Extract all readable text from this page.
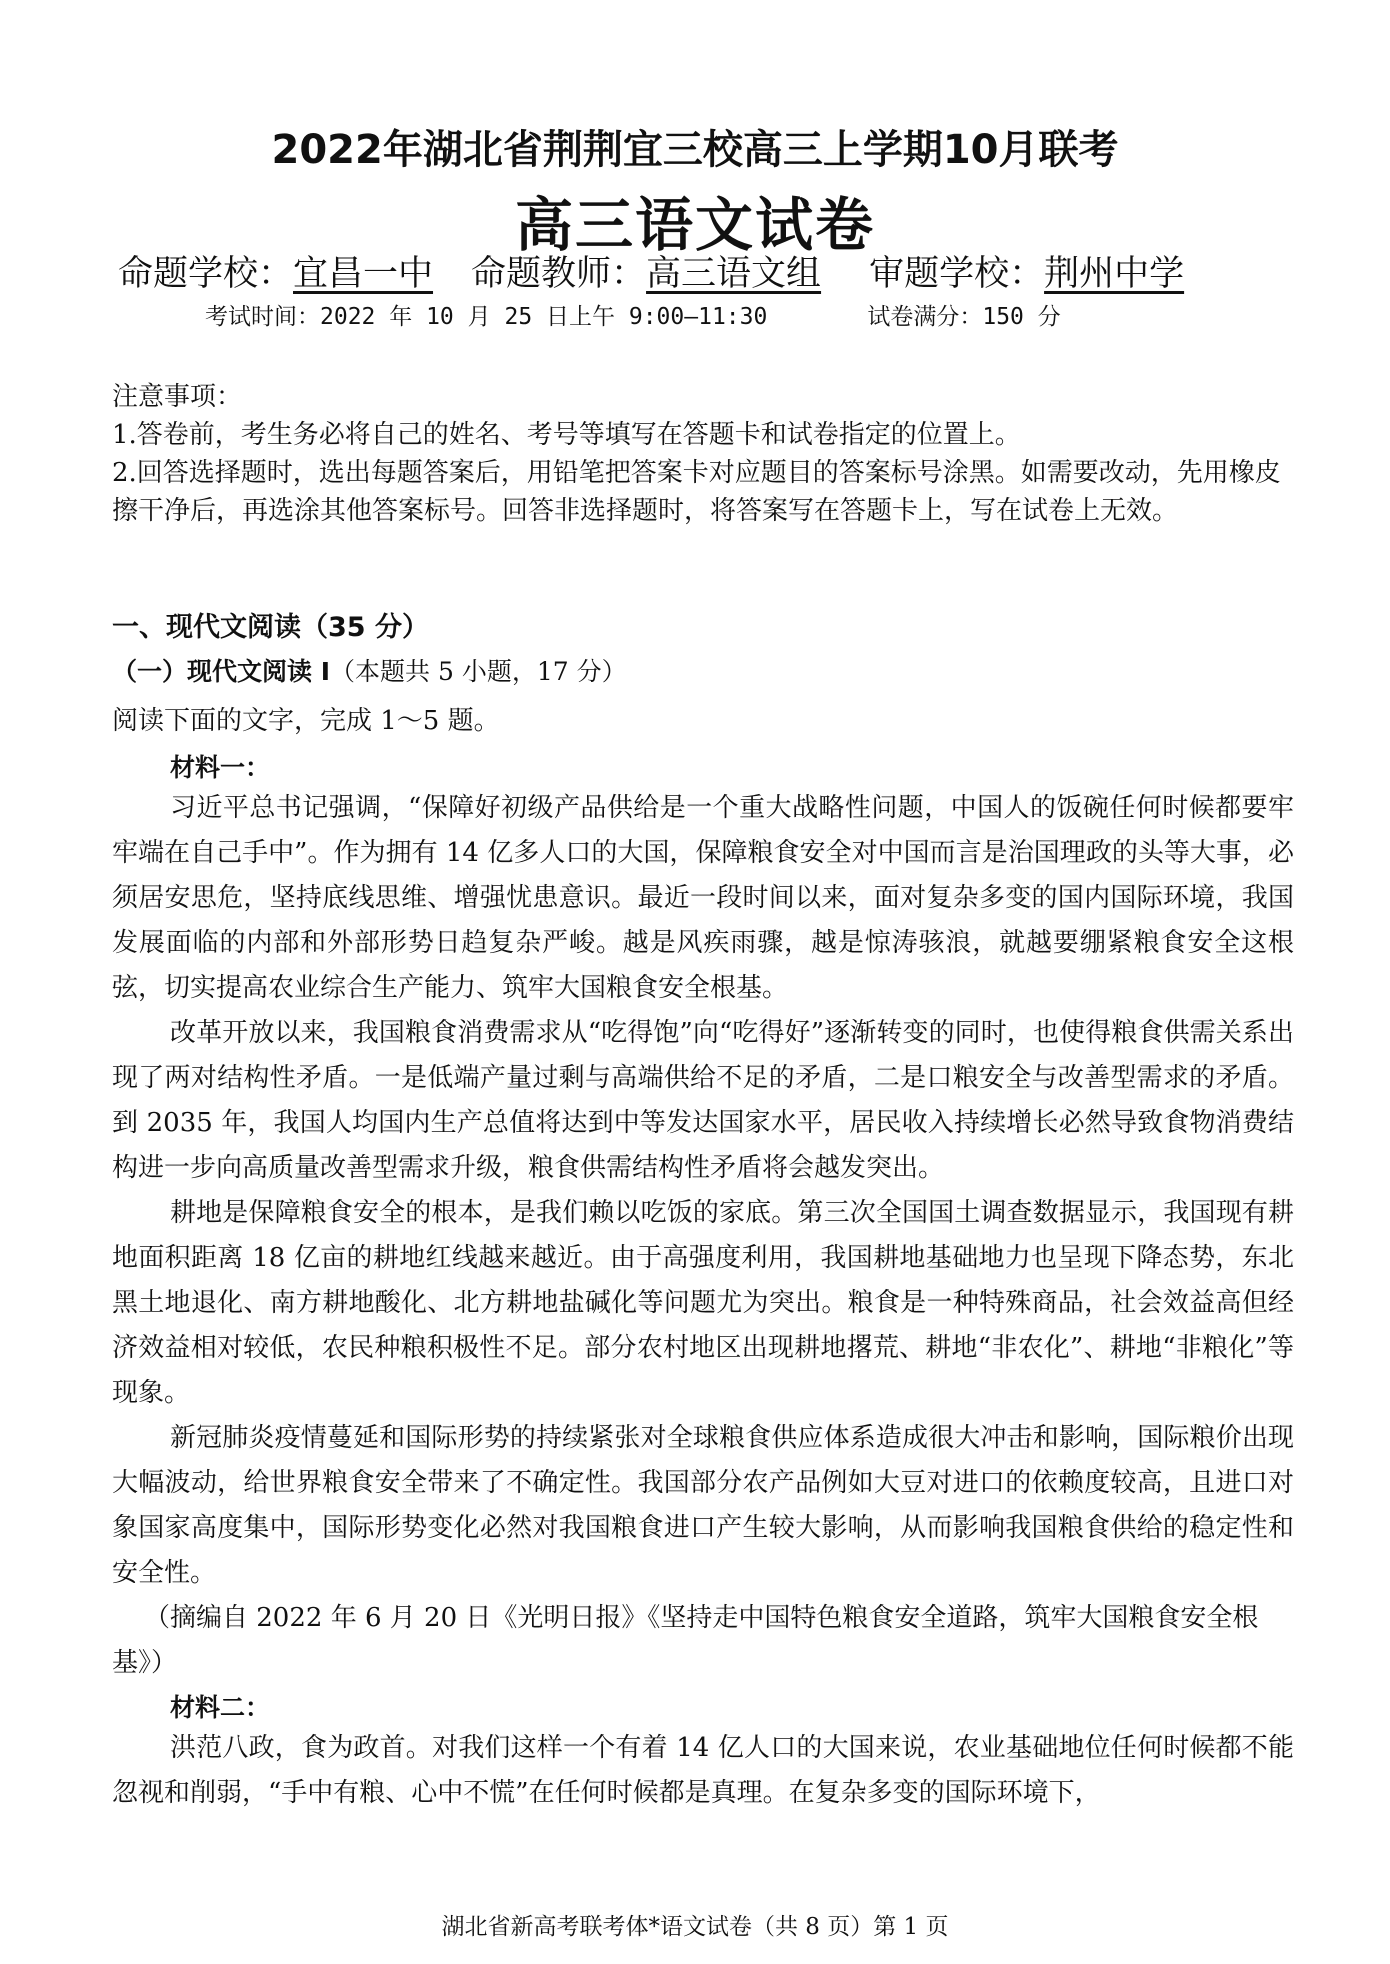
2022年湖北省荆荆宜三校高三上学期10月联考
高三语文试卷
命题学校：宜昌一中 命题教师：高三语文组 审题学校：荆州中学
考试时间：2022 年 10 月 25 日上午 9:00—11:30	试卷满分：150 分

注意事项：

1.答卷前，考生务必将自己的姓名、考号等填写在答题卡和试卷指定的位置上。

2.回答选择题时，选出每题答案后，用铅笔把答案卡对应题目的答案标号涂黑。如需要改动，先用橡皮擦干净后，再选涂其他答案标号。回答非选择题时，将答案写在答题卡上，写在试卷上无效。

一、现代文阅读（35 分）
（一）现代文阅读 I（本题共 5 小题，17 分）
阅读下面的文字，完成 1～5 题。
材料一：

习近平总书记强调，“保障好初级产品供给是一个重大战略性问题，中国人的饭碗任何时候都要牢牢端在自己手中”。作为拥有 14 亿多人口的大国，保障粮食安全对中国而言是治国理政的头等大事，必须居安思危，坚持底线思维、增强忧患意识。最近一段时间以来，面对复杂多变的国内国际环境，我国发展面临的内部和外部形势日趋复杂严峻。越是风疾雨骤，越是惊涛骇浪，就越要绷紧粮食安全这根弦，切实提高农业综合生产能力、筑牢大国粮食安全根基。

改革开放以来，我国粮食消费需求从“吃得饱”向“吃得好”逐渐转变的同时，也使得粮食供需关系出现了两对结构性矛盾。一是低端产量过剩与高端供给不足的矛盾，二是口粮安全与改善型需求的矛盾。到 2035 年，我国人均国内生产总值将达到中等发达国家水平，居民收入持续增长必然导致食物消费结构进一步向高质量改善型需求升级，粮食供需结构性矛盾将会越发突出。

耕地是保障粮食安全的根本，是我们赖以吃饭的家底。第三次全国国土调查数据显示，我国现有耕地面积距离 18 亿亩的耕地红线越来越近。由于高强度利用，我国耕地基础地力也呈现下降态势，东北黑土地退化、南方耕地酸化、北方耕地盐碱化等问题尤为突出。粮食是一种特殊商品，社会效益高但经济效益相对较低，农民种粮积极性不足。部分农村地区出现耕地撂荒、耕地“非农化”、耕地“非粮化”等现象。

新冠肺炎疫情蔓延和国际形势的持续紧张对全球粮食供应体系造成很大冲击和影响，国际粮价出现大幅波动，给世界粮食安全带来了不确定性。我国部分农产品例如大豆对进口的依赖度较高，且进口对象国家高度集中，国际形势变化必然对我国粮食进口产生较大影响，从而影响我国粮食供给的稳定性和安全性。

（摘编自 2022 年 6 月 20 日《光明日报》《坚持走中国特色粮食安全道路，筑牢大国粮食安全根基》）

材料二：

洪范八政，食为政首。对我们这样一个有着 14 亿人口的大国来说，农业基础地位任何时候都不能忽视和削弱，“手中有粮、心中不慌”在任何时候都是真理。在复杂多变的国际环境下，

湖北省新高考联考体*语文试卷（共 8 页）第 1 页
